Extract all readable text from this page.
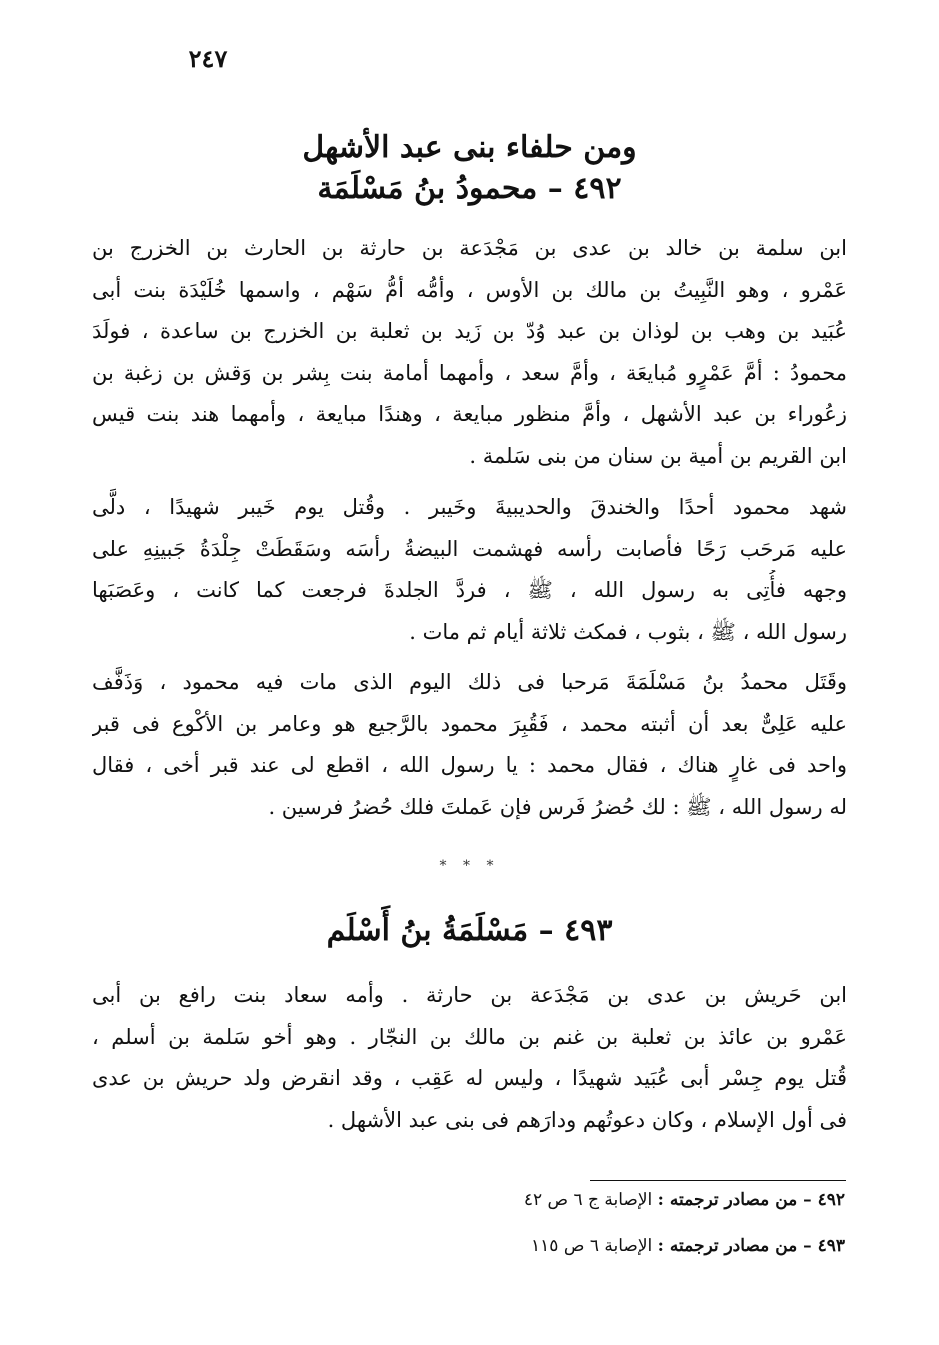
٢٤٧
ومن حلفاء بنى عبد الأشهل
٤٩٢ – محمودُ بنُ مَسْلَمَة
ابن سلمة بن خالد بن عدى بن مَجْدَعة بن حارثة بن الحارث بن الخزرج بن
عَمْرو ، وهو النَّبِيتُ بن مالك بن الأوس ، وأمُّه أمُّ سَهْم ، واسمها خُلَيْدَة بنت أبى
عُبَيد بن وهب بن لوذان بن عبد وُدّ بن زَيد بن ثعلبة بن الخزرج بن ساعدة ، فولَدَ
محمودُ : أمَّ عَمْرٍو مُبايعَة ، وأمَّ سعد ، وأمهما أمامة بنت بِشر بن وَقش بن زغبة بن
زعُوراء بن عبد الأشهل ، وأمَّ منظور مبايعة ، وهندًا مبايعة ، وأمهما هند بنت قيس
ابن القريم بن أمية بن سنان من بنى سَلمة .
شهد محمود أحدًا والخندقَ والحديبيةَ وخَيبر . وقُتل يوم خَيبر شهيدًا ، دلَّى
عليه مَرحَب رَحًا فأصابت رأسه فهشمت البيضةُ رأسَه وسَقَطَتْ جِلْدَةُ جَبينِهِ على
وجهه فأُتِى به رسول الله ، ﷺ ، فردَّ الجلدةَ فرجعت كما كانت ، وعَصَبَها
رسول الله ، ﷺ ، بثوب ، فمكث ثلاثة أيام ثم مات .
وقَتَل محمدُ بنُ مَسْلَمَةَ مَرحبا فى ذلك اليوم الذى مات فيه محمود ، وَذَفَّف
عليه عَلِىٌّ بعد أن أثبته محمد ، فَقُبِرَ محمود بالرَّجيع هو وعامر بن الأكْوع فى قبر
واحد فى غارٍ هناك ، فقال محمد : يا رسول الله ، اقطع لى عند قبر أخى ، فقال
له رسول الله ، ﷺ : لك حُضرُ فَرس فإن عَملتَ فلك حُضرُ فرسين .
* * *
٤٩٣ – مَسْلَمَةُ بنُ أَسْلَم
ابن حَريش بن عدى بن مَجْدَعة بن حارثة . وأمه سعاد بنت رافع بن أبى
عَمْرو بن عائذ بن ثعلبة بن غنم بن مالك بن النجّار . وهو أخو سَلمة بن أسلم ،
قُتل يوم جِسْر أبى عُبَيد شهيدًا ، وليس له عَقِب ، وقد انقرض ولد حريش بن عدى
فى أول الإسلام ، وكان دعوتُهم ودارَهم فى بنى عبد الأشهل .
٤٩٢ – من مصادر ترجمته : الإصابة ج ٦ ص ٤٢
٤٩٣ – من مصادر ترجمته : الإصابة ٦ ص ١١٥
